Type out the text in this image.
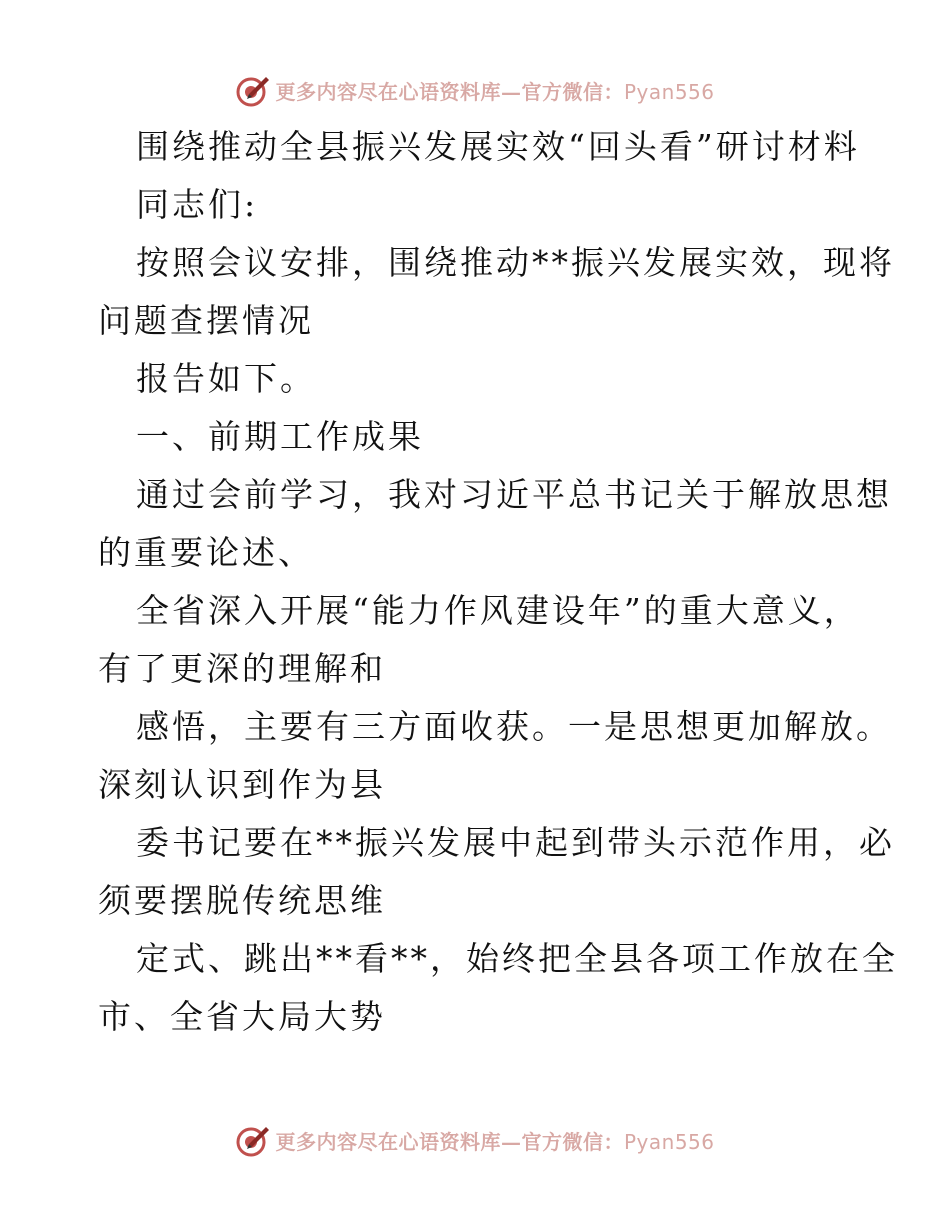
更多内容尽在心语资料库—官方微信：Pyan556

围绕推动全县振兴发展实效“回头看”研讨材料

同志们:

按照会议安排，围绕推动**振兴发展实效，现将

问题查摆情况

报告如下。

一、前期工作成果

通过会前学习，我对习近平总书记关于解放思想

的重要论述、

全省深入开展“能力作风建设年”的重大意义，

有了更深的理解和

感悟，主要有三方面收获。一是思想更加解放。

深刻认识到作为县

委书记要在**振兴发展中起到带头示范作用，必

须要摆脱传统思维

定式、跳出**看**，始终把全县各项工作放在全

市、全省大局大势

更多内容尽在心语资料库—官方微信：Pyan556
